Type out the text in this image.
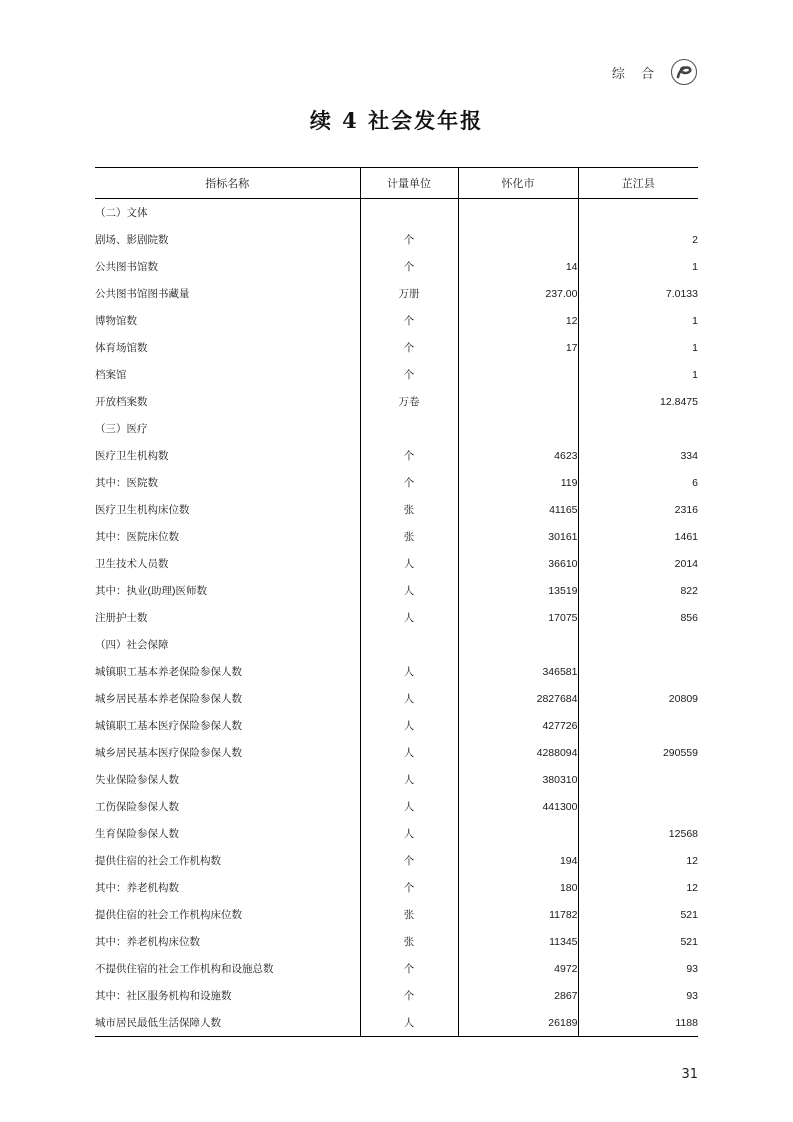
综 合
续 4 社会发年报
指标名称	计量单位	怀化市	芷江县
（二）文体			
剧场、影剧院数	个		2
公共图书馆数	个	14	1
公共图书馆图书藏量	万册	237.00	7.0133
博物馆数	个	12	1
体育场馆数	个	17	1
档案馆	个		1
开放档案数	万卷		12.8475
（三）医疗			
医疗卫生机构数	个	4623	334
其中：医院数	个	119	6
医疗卫生机构床位数	张	41165	2316
其中：医院床位数	张	30161	1461
卫生技术人员数	人	36610	2014
其中：执业(助理)医师数	人	13519	822
注册护士数	人	17075	856
（四）社会保障			
城镇职工基本养老保险参保人数	人	346581	
城乡居民基本养老保险参保人数	人	2827684	20809
城镇职工基本医疗保险参保人数	人	427726	
城乡居民基本医疗保险参保人数	人	4288094	290559
失业保险参保人数	人	380310	
工伤保险参保人数	人	441300	
生育保险参保人数	人		12568
提供住宿的社会工作机构数	个	194	12
其中：养老机构数	个	180	12
提供住宿的社会工作机构床位数	张	11782	521
其中：养老机构床位数	张	11345	521
不提供住宿的社会工作机构和设施总数	个	4972	93
其中：社区服务机构和设施数	个	2867	93
城市居民最低生活保障人数	人	26189	1188
31
